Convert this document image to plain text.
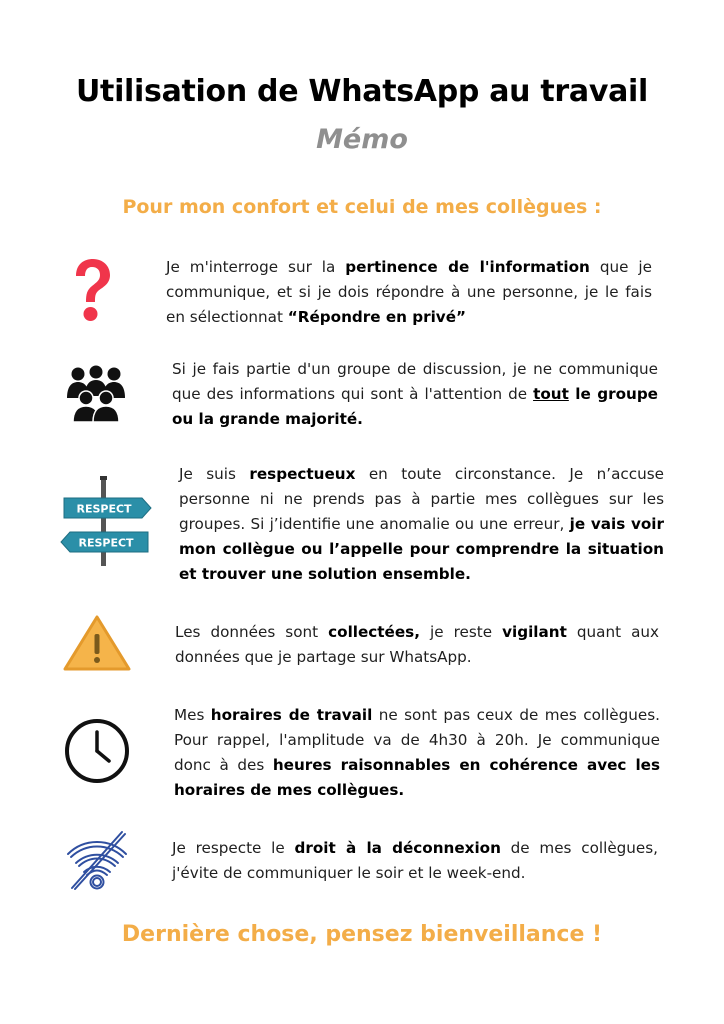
Utilisation de WhatsApp au travail
Mémo
Pour mon confort et celui de mes collègues :
Je m'interroge sur la pertinence de l'information que je communique, et si je dois répondre à une personne, je le fais en sélectionnat “Répondre en privé”
Si je fais partie d'un groupe de discussion, je ne communique que des informations qui sont à l'attention de tout le groupe ou la grande majorité.
RESPECT
RESPECT
Je suis respectueux en toute circonstance. Je n’accuse personne ni ne prends pas à partie mes collègues sur les groupes. Si j’identifie une anomalie ou une erreur, je vais voir mon collègue ou l’appelle pour comprendre la situation et trouver une solution ensemble.
Les données sont collectées, je reste vigilant quant aux données que je partage sur WhatsApp.
Mes horaires de travail ne sont pas ceux de mes collègues. Pour rappel, l'amplitude va de 4h30 à 20h. Je communique donc à des heures raisonnables en cohérence avec les horaires de mes collègues.
Je respecte le droit à la déconnexion de mes collègues, j'évite de communiquer le soir et le week-end.
Dernière chose, pensez bienveillance !
